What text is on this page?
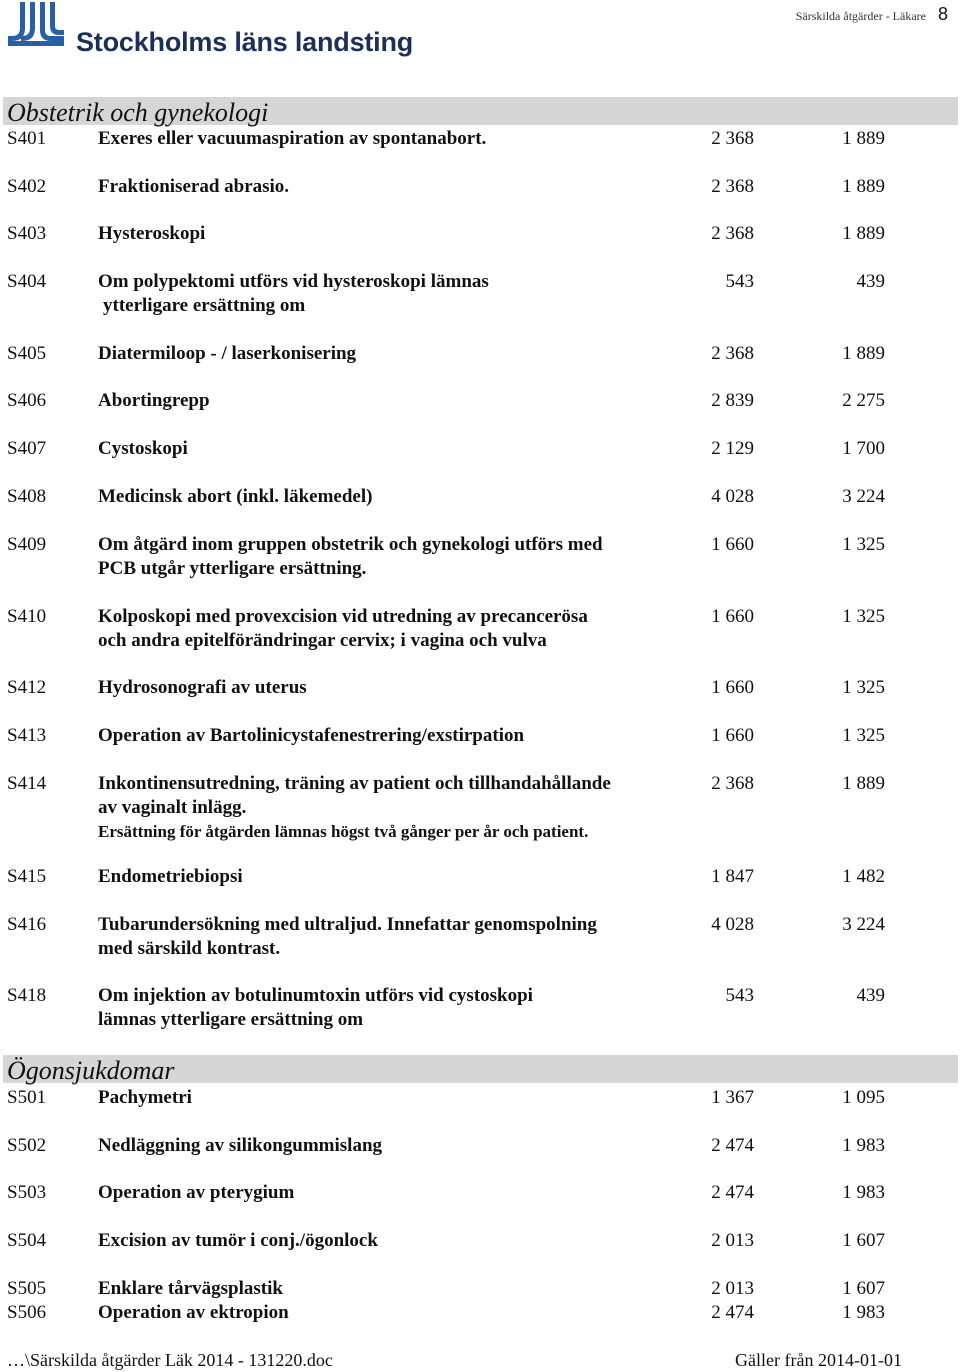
Stockholms läns landsting
Särskilda åtgärder - Läkare 8
Obstetrik och gynekologi
S401	Exeres eller vacuumaspiration av spontanabort.	2 368	1 889
S402	Fraktioniserad abrasio.	2 368	1 889
S403	Hysteroskopi	2 368	1 889
S404	Om polypektomi utförs vid hysteroskopi lämnas
ytterligare ersättning om
543	439
S405	Diatermiloop - / laserkonisering	2 368	1 889
S406	Abortingrepp	2 839	2 275
S407	Cystoskopi	2 129	1 700
S408	Medicinsk abort (inkl. läkemedel)	4 028	3 224
S409	Om åtgärd inom gruppen obstetrik och gynekologi utförs med
PCB utgår ytterligare ersättning.
1 660	1 325
S410	Kolposkopi med provexcision vid utredning av precancerösa
och andra epitelförändringar cervix; i vagina och vulva
1 660	1 325
S412	Hydrosonografi av uterus	1 660	1 325
S413	Operation av Bartolinicystafenestrering/exstirpation	1 660	1 325
S414	Inkontinensutredning, träning av patient och tillhandahållande
av vaginalt inlägg.
Ersättning för åtgärden lämnas högst två gånger per år och patient.
2 368	1 889
S415	Endometriebiopsi	1 847	1 482
S416	Tubarundersökning med ultraljud. Innefattar genomspolning
med särskild kontrast.
4 028	3 224
S418	Om injektion av botulinumtoxin utförs vid cystoskopi
lämnas ytterligare ersättning om
543	439
Ögonsjukdomar
S501	Pachymetri	1 367	1 095
S502	Nedläggning av silikongummislang	2 474	1 983
S503	Operation av pterygium	2 474	1 983
S504	Excision av tumör i conj./ögonlock	2 013	1 607
S505	Enklare tårvägsplastik	2 013	1 607
S506	Operation av ektropion	2 474	1 983
…\Särskilda åtgärder Läk 2014 - 131220.doc	Gäller från 2014-01-01
